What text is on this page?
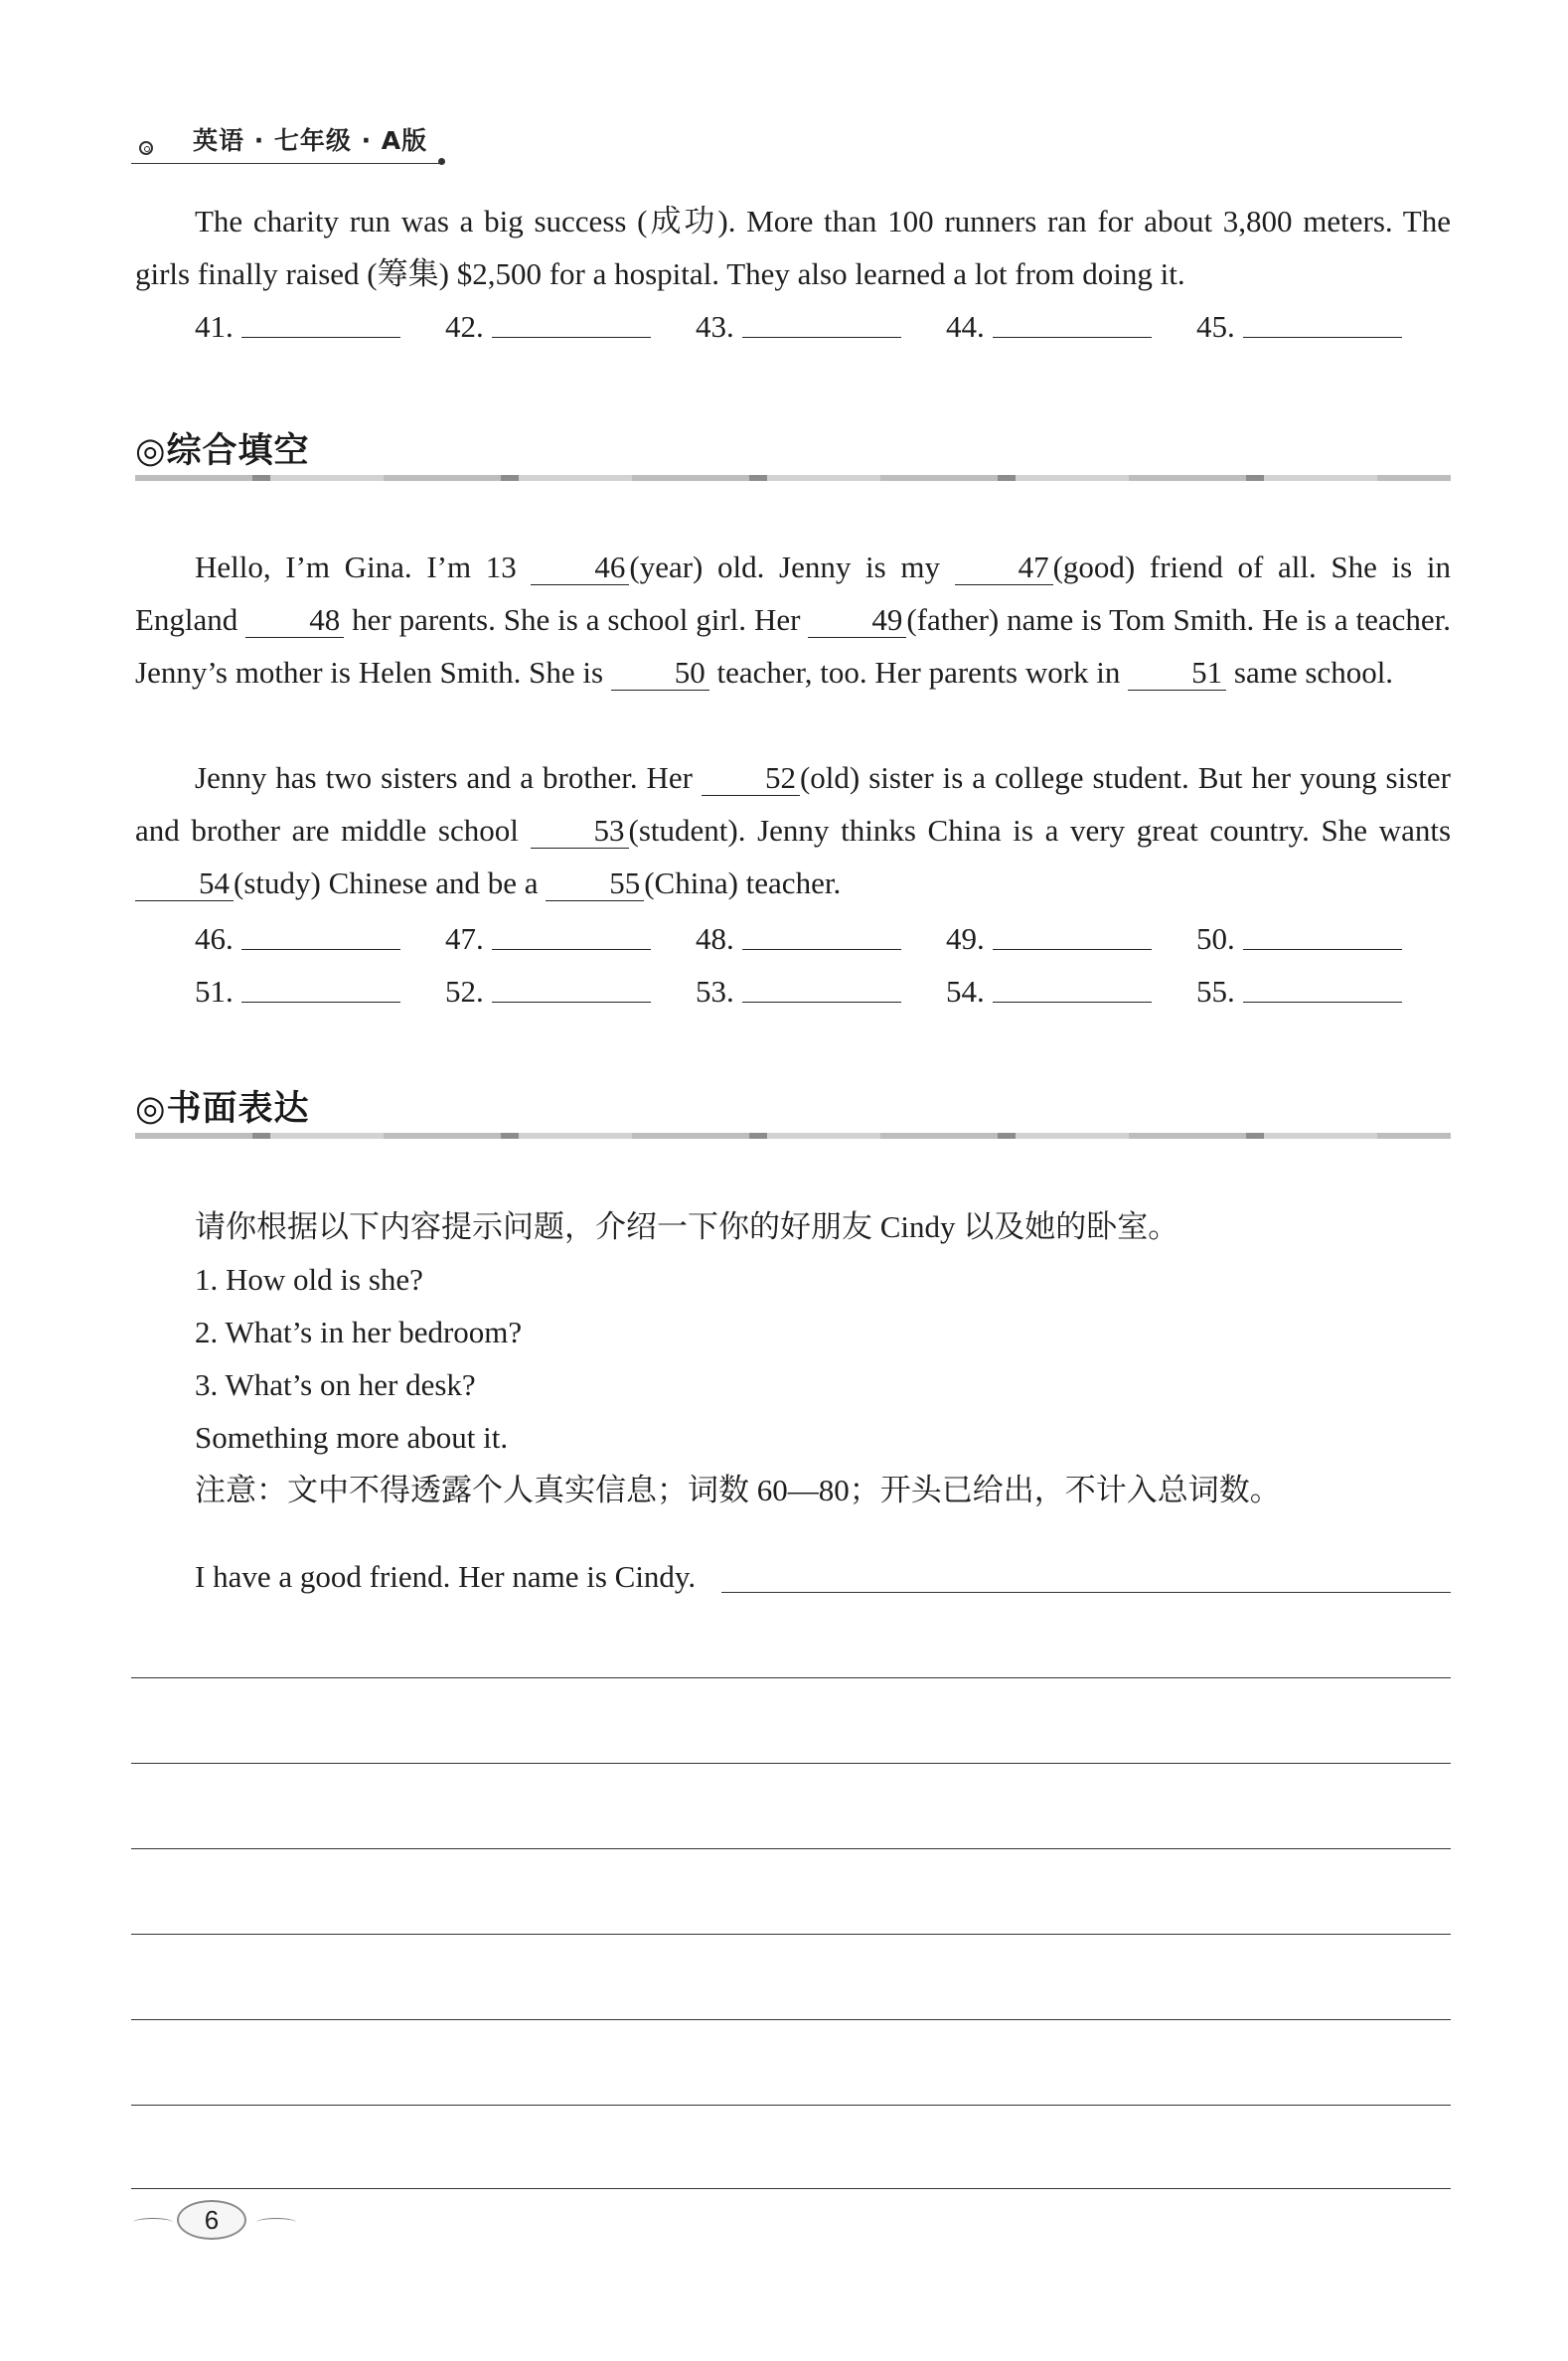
英语 · 七年级 · A版

The charity run was a big success (成功). More than 100 runners ran for about 3,800 meters. The girls finally raised (筹集) $2,500 for a hospital. They also learned a lot from doing it.

41.	42.	43.	44.	45.
◎综合填空

Hello, I’m Gina. I’m 13 46 (year) old. Jenny is my 47 (good) friend of all. She is in England 48 her parents. She is a school girl. Her 49 (father) name is Tom Smith. He is a teacher. Jenny’s mother is Helen Smith. She is 50 teacher, too. Her parents work in 51 same school.

Jenny has two sisters and a brother. Her 52 (old) sister is a college student. But her young sister and brother are middle school 53 (student). Jenny thinks China is a very great country. She wants 54 (study) Chinese and be a 55 (China) teacher.

46.	47.	48.	49.	50.
51.	52.	53.	54.	55.
◎书面表达

请你根据以下内容提示问题，介绍一下你的好朋友 Cindy 以及她的卧室。

1. How old is she?

2. What’s in her bedroom?

3. What’s on her desk?

Something more about it.

注意：文中不得透露个人真实信息；词数 60—80；开头已给出，不计入总词数。

I have a good friend. Her name is Cindy.

6
